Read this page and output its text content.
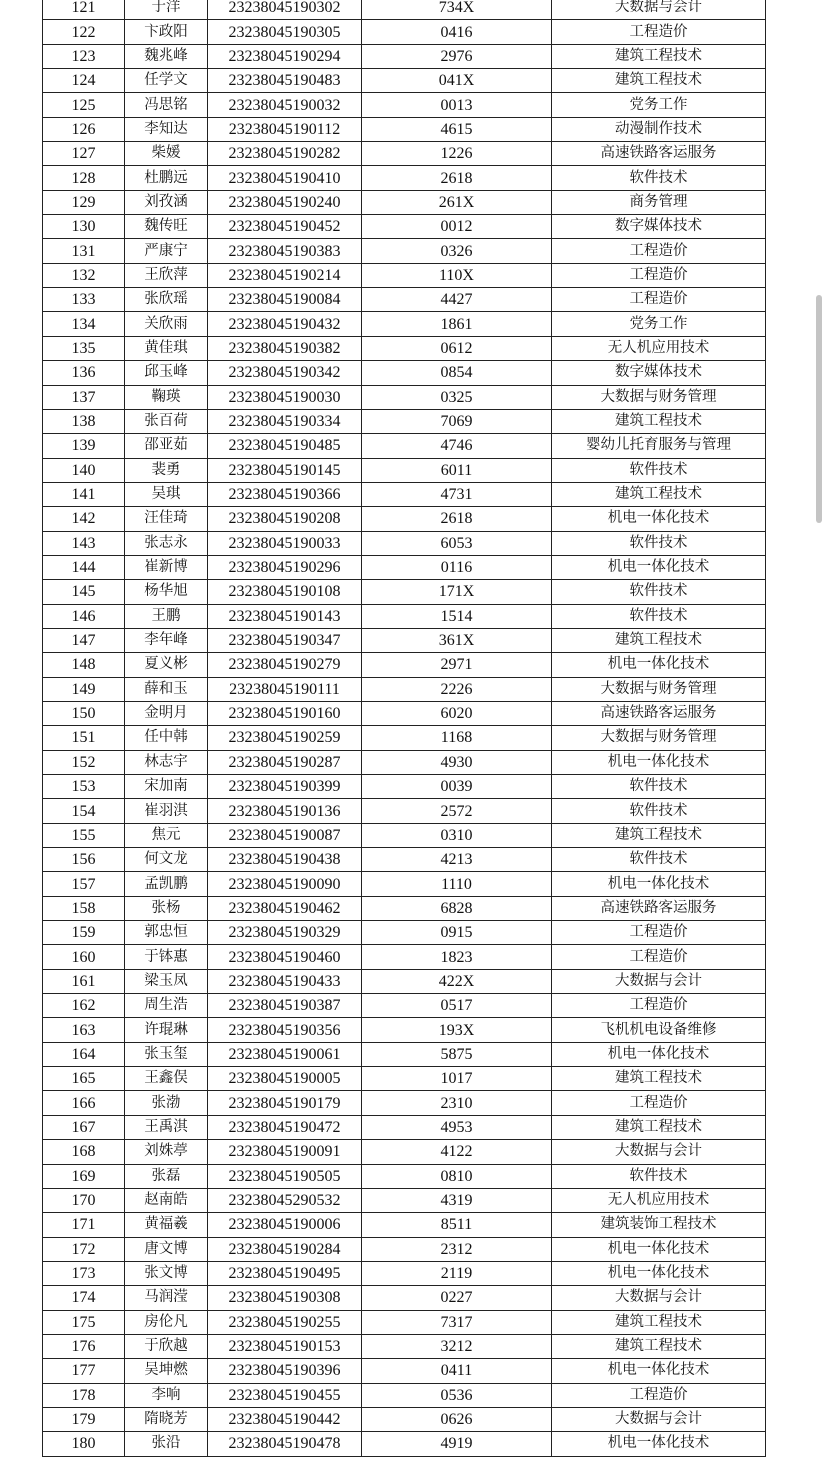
121	于洋	23238045190302	734X	大数据与会计
122	卞政阳	23238045190305	0416	工程造价
123	魏兆峰	23238045190294	2976	建筑工程技术
124	任学文	23238045190483	041X	建筑工程技术
125	冯思铭	23238045190032	0013	党务工作
126	李知达	23238045190112	4615	动漫制作技术
127	柴媛	23238045190282	1226	高速铁路客运服务
128	杜鹏远	23238045190410	2618	软件技术
129	刘孜涵	23238045190240	261X	商务管理
130	魏传旺	23238045190452	0012	数字媒体技术
131	严康宁	23238045190383	0326	工程造价
132	王欣萍	23238045190214	110X	工程造价
133	张欣瑶	23238045190084	4427	工程造价
134	关欣雨	23238045190432	1861	党务工作
135	黄佳琪	23238045190382	0612	无人机应用技术
136	邱玉峰	23238045190342	0854	数字媒体技术
137	鞠瑛	23238045190030	0325	大数据与财务管理
138	张百荷	23238045190334	7069	建筑工程技术
139	邵亚茹	23238045190485	4746	婴幼儿托育服务与管理
140	裴勇	23238045190145	6011	软件技术
141	吴琪	23238045190366	4731	建筑工程技术
142	汪佳琦	23238045190208	2618	机电一体化技术
143	张志永	23238045190033	6053	软件技术
144	崔新博	23238045190296	0116	机电一体化技术
145	杨华旭	23238045190108	171X	软件技术
146	王鹏	23238045190143	1514	软件技术
147	李年峰	23238045190347	361X	建筑工程技术
148	夏义彬	23238045190279	2971	机电一体化技术
149	薛和玉	23238045190111	2226	大数据与财务管理
150	金明月	23238045190160	6020	高速铁路客运服务
151	任中韩	23238045190259	1168	大数据与财务管理
152	林志宇	23238045190287	4930	机电一体化技术
153	宋加南	23238045190399	0039	软件技术
154	崔羽淇	23238045190136	2572	软件技术
155	焦元	23238045190087	0310	建筑工程技术
156	何文龙	23238045190438	4213	软件技术
157	孟凯鹏	23238045190090	1110	机电一体化技术
158	张杨	23238045190462	6828	高速铁路客运服务
159	郭忠恒	23238045190329	0915	工程造价
160	于钵惠	23238045190460	1823	工程造价
161	梁玉凤	23238045190433	422X	大数据与会计
162	周生浩	23238045190387	0517	工程造价
163	许琨琳	23238045190356	193X	飞机机电设备维修
164	张玉玺	23238045190061	5875	机电一体化技术
165	王鑫俣	23238045190005	1017	建筑工程技术
166	张渤	23238045190179	2310	工程造价
167	王禹淇	23238045190472	4953	建筑工程技术
168	刘姝葶	23238045190091	4122	大数据与会计
169	张磊	23238045190505	0810	软件技术
170	赵南皓	23238045290532	4319	无人机应用技术
171	黄福羲	23238045190006	8511	建筑装饰工程技术
172	唐文博	23238045190284	2312	机电一体化技术
173	张文博	23238045190495	2119	机电一体化技术
174	马润滢	23238045190308	0227	大数据与会计
175	房伦凡	23238045190255	7317	建筑工程技术
176	于欣越	23238045190153	3212	建筑工程技术
177	吴坤燃	23238045190396	0411	机电一体化技术
178	李响	23238045190455	0536	工程造价
179	隋晓芳	23238045190442	0626	大数据与会计
180	张沿	23238045190478	4919	机电一体化技术
